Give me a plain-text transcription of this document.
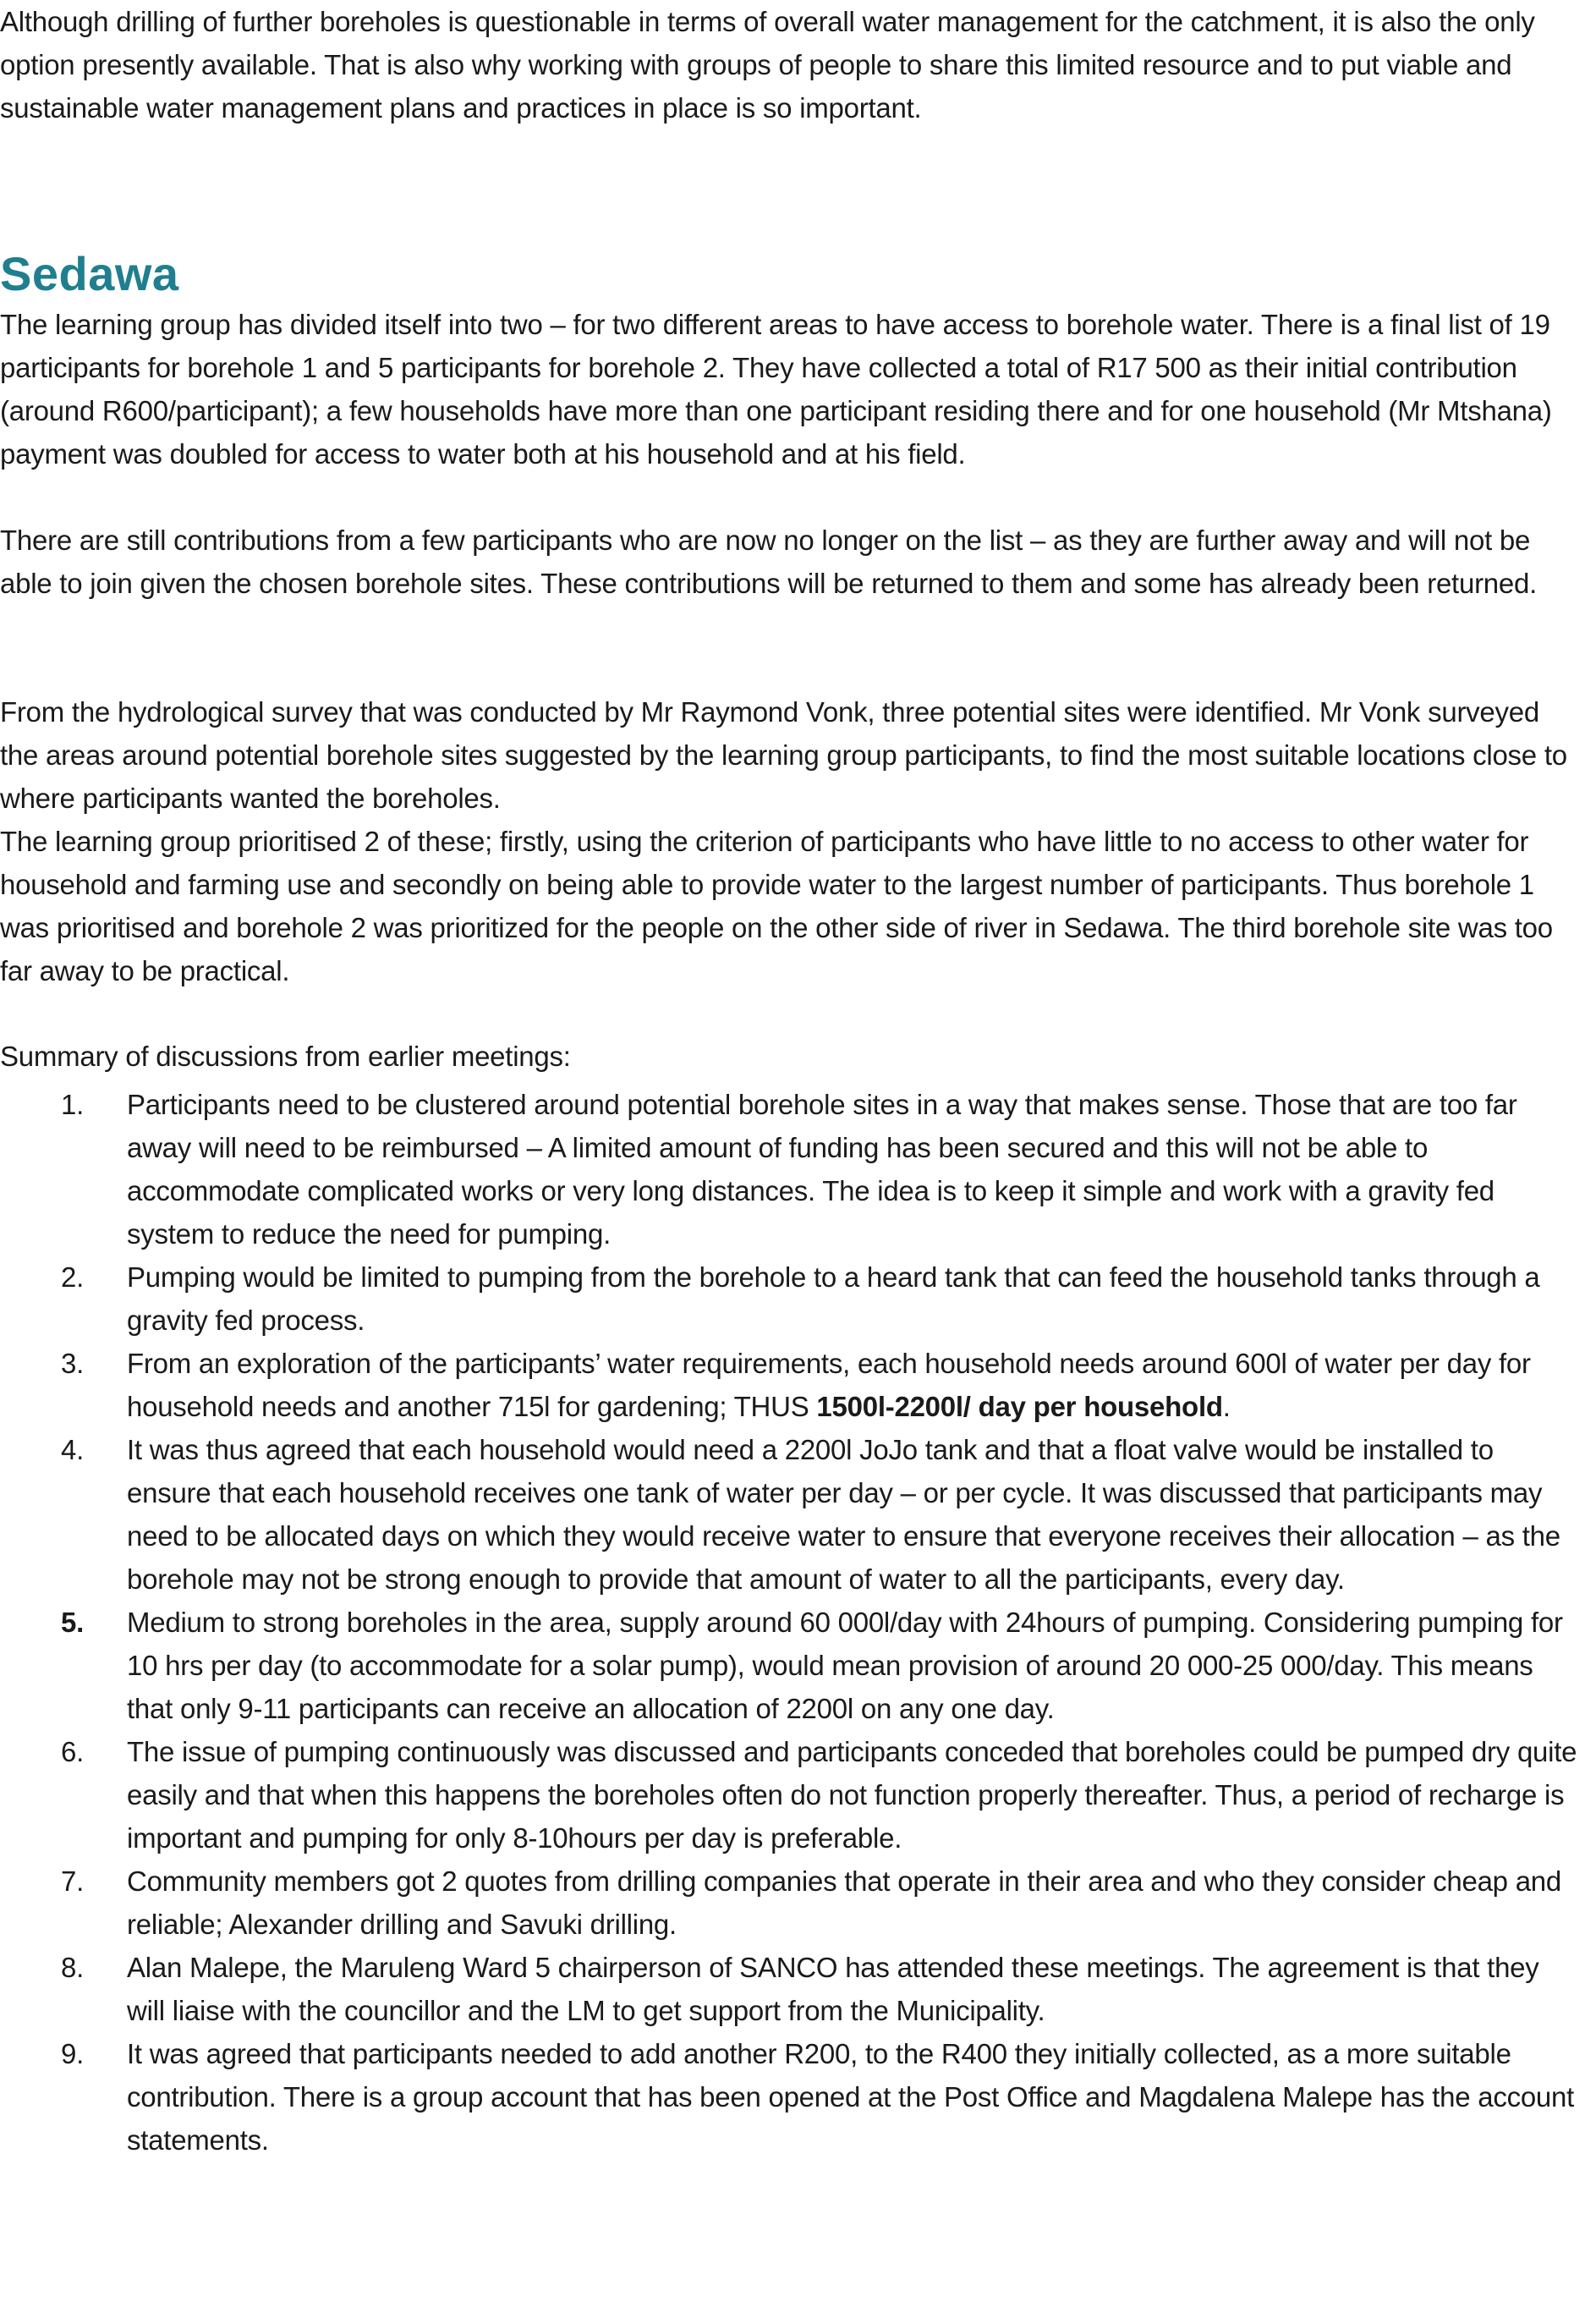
Although drilling of further boreholes is questionable in terms of overall water management for the catchment, it is also the only option presently available. That is also why working with groups of people to share this limited resource and to put viable and sustainable water management plans and practices in place is so important.

Sedawa

The learning group has divided itself into two – for two different areas to have access to borehole water. There is a final list of 19 participants for borehole 1 and 5 participants for borehole 2. They have collected a total of R17 500 as their initial contribution (around R600/participant); a few households have more than one participant residing there and for one household (Mr Mtshana) payment was doubled for access to water both at his household and at his field.

There are still contributions from a few participants who are now no longer on the list – as they are further away and will not be able to join given the chosen borehole sites. These contributions will be returned to them and some has already been returned.

From the hydrological survey that was conducted by Mr Raymond Vonk, three potential sites were identified. Mr Vonk surveyed the areas around potential borehole sites suggested by the learning group participants, to find the most suitable locations close to where participants wanted the boreholes.

The learning group prioritised 2 of these; firstly, using the criterion of participants who have little to no access to other water for household and farming use and secondly on being able to provide water to the largest number of participants. Thus borehole 1 was prioritised and borehole 2 was prioritized for the people on the other side of river in Sedawa. The third borehole site was too far away to be practical.

Summary of discussions from earlier meetings:

1.	Participants need to be clustered around potential borehole sites in a way that makes sense. Those that are too far away will need to be reimbursed – A limited amount of funding has been secured and this will not be able to accommodate complicated works or very long distances. The idea is to keep it simple and work with a gravity fed system to reduce the need for pumping.
2.	Pumping would be limited to pumping from the borehole to a heard tank that can feed the household tanks through a gravity fed process.
3.	From an exploration of the participants’ water requirements, each household needs around 600l of water per day for household needs and another 715l for gardening; THUS 1500l-2200l/ day per household.
4.	It was thus agreed that each household would need a 2200l JoJo tank and that a float valve would be installed to ensure that each household receives one tank of water per day – or per cycle. It was discussed that participants may need to be allocated days on which they would receive water to ensure that everyone receives their allocation – as the borehole may not be strong enough to provide that amount of water to all the participants, every day.
5.	Medium to strong boreholes in the area, supply around 60 000l/day with 24hours of pumping. Considering pumping for 10 hrs per day (to accommodate for a solar pump), would mean provision of around 20 000-25 000/day. This means that only 9-11 participants can receive an allocation of 2200l on any one day.
6.	The issue of pumping continuously was discussed and participants conceded that boreholes could be pumped dry quite easily and that when this happens the boreholes often do not function properly thereafter. Thus, a period of recharge is important and pumping for only 8-10hours per day is preferable.
7.	Community members got 2 quotes from drilling companies that operate in their area and who they consider cheap and reliable; Alexander drilling and Savuki drilling.
8.	Alan Malepe, the Maruleng Ward 5 chairperson of SANCO has attended these meetings. The agreement is that they will liaise with the councillor and the LM to get support from the Municipality.
9.	It was agreed that participants needed to add another R200, to the R400 they initially collected, as a more suitable contribution. There is a group account that has been opened at the Post Office and Magdalena Malepe has the account statements.
